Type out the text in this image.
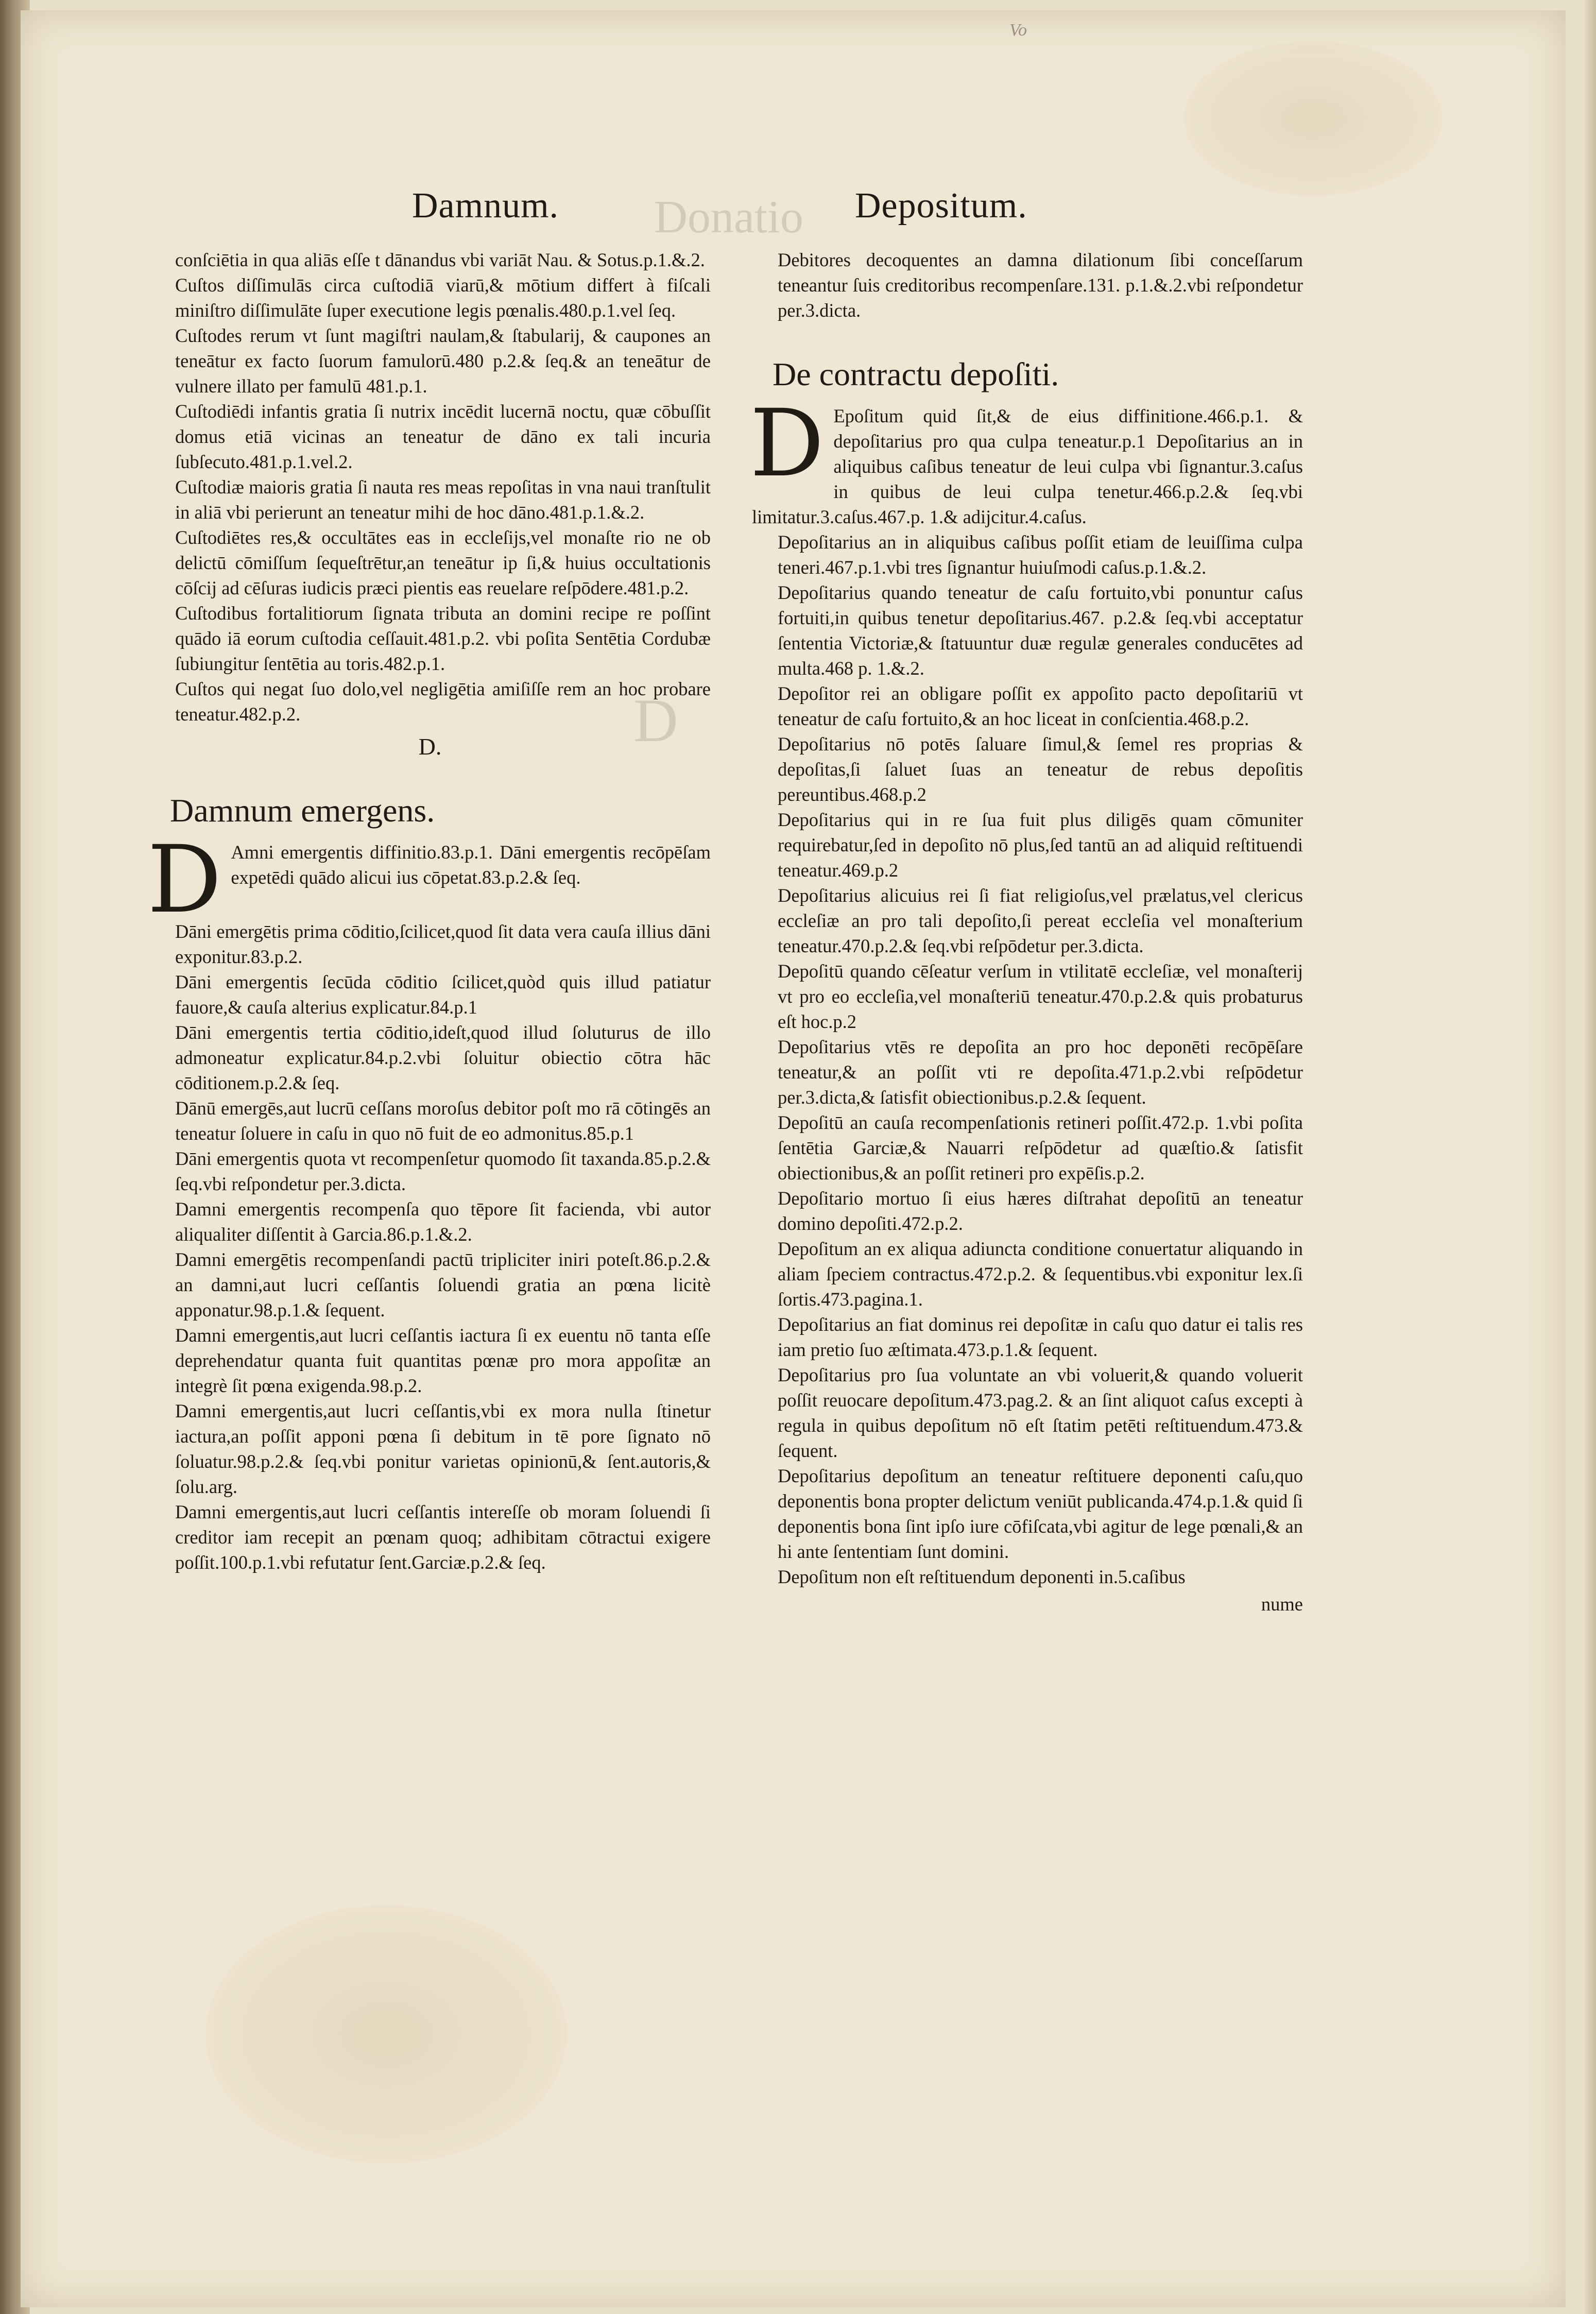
Vo
Donatio
D
Damnum.	Depositum.

conſciētia in qua aliās eſſe t dānandus vbi variāt Nau. & Sotus.p.1.&.2.

Cuſtos diſſimulās circa cuſtodiā viarū,& mōtium differt à fiſcali miniſtro diſſimulāte ſuper executione legis pœnalis.480.p.1.vel ſeq.

Cuſtodes rerum vt ſunt magiſtri naulam,& ſtabularij, & caupones an teneātur ex facto ſuorum famulorū.480 p.2.& ſeq.& an teneātur de vulnere illato per famulū 481.p.1.

Cuſtodiēdi infantis gratia ſi nutrix incēdit lucernā noctu, quæ cōbuſſit domus etiā vicinas an teneatur de dāno ex tali incuria ſubſecuto.481.p.1.vel.2.

Cuſtodiæ maioris gratia ſi nauta res meas repoſitas in vna naui tranſtulit in aliā vbi perierunt an teneatur mihi de hoc dāno.481.p.1.&.2.

Cuſtodiētes res,& occultātes eas in eccleſijs,vel monaſte rio ne ob delictū cōmiſſum ſequeſtrētur,an teneātur ip ſi,& huius occultationis cōſcij ad cēſuras iudicis præci pientis eas reuelare reſpōdere.481.p.2.

Cuſtodibus fortalitiorum ſignata tributa an domini recipe re poſſint quādo iā eorum cuſtodia ceſſauit.481.p.2. vbi poſita Sentētia Cordubæ ſubiungitur ſentētia au toris.482.p.1.

Cuſtos qui negat ſuo dolo,vel negligētia amiſiſſe rem an hoc probare teneatur.482.p.2.

D.
Damnum emergens.

D Amni emergentis diffinitio.83.p.1. Dāni emergentis recōpēſam expetēdi quādo alicui ius cōpetat.83.p.2.& ſeq.

Dāni emergētis prima cōditio,ſcilicet,quod ſit data vera cauſa illius dāni exponitur.83.p.2.

Dāni emergentis ſecūda cōditio ſcilicet,quòd quis illud patiatur fauore,& cauſa alterius explicatur.84.p.1

Dāni emergentis tertia cōditio,ideſt,quod illud ſoluturus de illo admoneatur explicatur.84.p.2.vbi ſoluitur obiectio cōtra hāc cōditionem.p.2.& ſeq.

Dānū emergēs,aut lucrū ceſſans moroſus debitor poſt mo rā cōtingēs an teneatur ſoluere in caſu in quo nō fuit de eo admonitus.85.p.1

Dāni emergentis quota vt recompenſetur quomodo ſit taxanda.85.p.2.& ſeq.vbi reſpondetur per.3.dicta.

Damni emergentis recompenſa quo tēpore ſit facienda, vbi autor aliqualiter diſſentit à Garcia.86.p.1.&.2.

Damni emergētis recompenſandi pactū tripliciter iniri poteſt.86.p.2.& an damni,aut lucri ceſſantis ſoluendi gratia an pœna licitè apponatur.98.p.1.& ſequent.

Damni emergentis,aut lucri ceſſantis iactura ſi ex euentu nō tanta eſſe deprehendatur quanta fuit quantitas pœnæ pro mora appoſitæ an integrè ſit pœna exigenda.98.p.2.

Damni emergentis,aut lucri ceſſantis,vbi ex mora nulla ſtinetur iactura,an poſſit apponi pœna ſi debitum in tē pore ſignato nō ſoluatur.98.p.2.& ſeq.vbi ponitur varietas opinionū,& ſent.autoris,& ſolu.arg.

Damni emergentis,aut lucri ceſſantis intereſſe ob moram ſoluendi ſi creditor iam recepit an pœnam quoq; adhibitam cōtractui exigere poſſit.100.p.1.vbi refutatur ſent.Garciæ.p.2.& ſeq.

Debitores decoquentes an damna dilationum ſibi conceſſarum teneantur ſuis creditoribus recompenſare.131. p.1.&.2.vbi reſpondetur per.3.dicta.

De contractu depoſiti.

D Epoſitum quid ſit,& de eius diffinitione.466.p.1. & depoſitarius pro qua culpa teneatur.p.1 Depoſitarius an in aliquibus caſibus teneatur de leui culpa vbi ſignantur.3.caſus in quibus de leui culpa tenetur.466.p.2.& ſeq.vbi limitatur.3.caſus.467.p. 1.& adijcitur.4.caſus.

Depoſitarius an in aliquibus caſibus poſſit etiam de leuiſſima culpa teneri.467.p.1.vbi tres ſignantur huiuſmodi caſus.p.1.&.2.

Depoſitarius quando teneatur de caſu fortuito,vbi ponuntur caſus fortuiti,in quibus tenetur depoſitarius.467. p.2.& ſeq.vbi acceptatur ſententia Victoriæ,& ſtatuuntur duæ regulæ generales conducētes ad multa.468 p. 1.&.2.

Depoſitor rei an obligare poſſit ex appoſito pacto depoſitariū vt teneatur de caſu fortuito,& an hoc liceat in conſcientia.468.p.2.

Depoſitarius nō potēs ſaluare ſimul,& ſemel res proprias & depoſitas,ſi ſaluet ſuas an teneatur de rebus depoſitis pereuntibus.468.p.2

Depoſitarius qui in re ſua fuit plus diligēs quam cōmuniter requirebatur,ſed in depoſito nō plus,ſed tantū an ad aliquid reſtituendi teneatur.469.p.2

Depoſitarius alicuius rei ſi fiat religioſus,vel prælatus,vel clericus eccleſiæ an pro tali depoſito,ſi pereat eccleſia vel monaſterium teneatur.470.p.2.& ſeq.vbi reſpōdetur per.3.dicta.

Depoſitū quando cēſeatur verſum in vtilitatē eccleſiæ, vel monaſterij vt pro eo eccleſia,vel monaſteriū teneatur.470.p.2.& quis probaturus eſt hoc.p.2

Depoſitarius vtēs re depoſita an pro hoc deponēti recōpēſare teneatur,& an poſſit vti re depoſita.471.p.2.vbi reſpōdetur per.3.dicta,& ſatisfit obiectionibus.p.2.& ſequent.

Depoſitū an cauſa recompenſationis retineri poſſit.472.p. 1.vbi poſita ſentētia Garciæ,& Nauarri reſpōdetur ad quæſtio.& ſatisfit obiectionibus,& an poſſit retineri pro expēſis.p.2.

Depoſitario mortuo ſi eius hæres diſtrahat depoſitū an teneatur domino depoſiti.472.p.2.

Depoſitum an ex aliqua adiuncta conditione conuertatur aliquando in aliam ſpeciem contractus.472.p.2. & ſequentibus.vbi exponitur lex.ſi ſortis.473.pagina.1.

Depoſitarius an fiat dominus rei depoſitæ in caſu quo datur ei talis res iam pretio ſuo æſtimata.473.p.1.& ſequent.

Depoſitarius pro ſua voluntate an vbi voluerit,& quando voluerit poſſit reuocare depoſitum.473.pag.2. & an ſint aliquot caſus excepti à regula in quibus depoſitum nō eſt ſtatim petēti reſtituendum.473.& ſequent.

Depoſitarius depoſitum an teneatur reſtituere deponenti caſu,quo deponentis bona propter delictum veniūt publicanda.474.p.1.& quid ſi deponentis bona ſint ipſo iure cōfiſcata,vbi agitur de lege pœnali,& an hi ante ſententiam ſunt domini.

Depoſitum non eſt reſtituendum deponenti in.5.caſibus

nume
